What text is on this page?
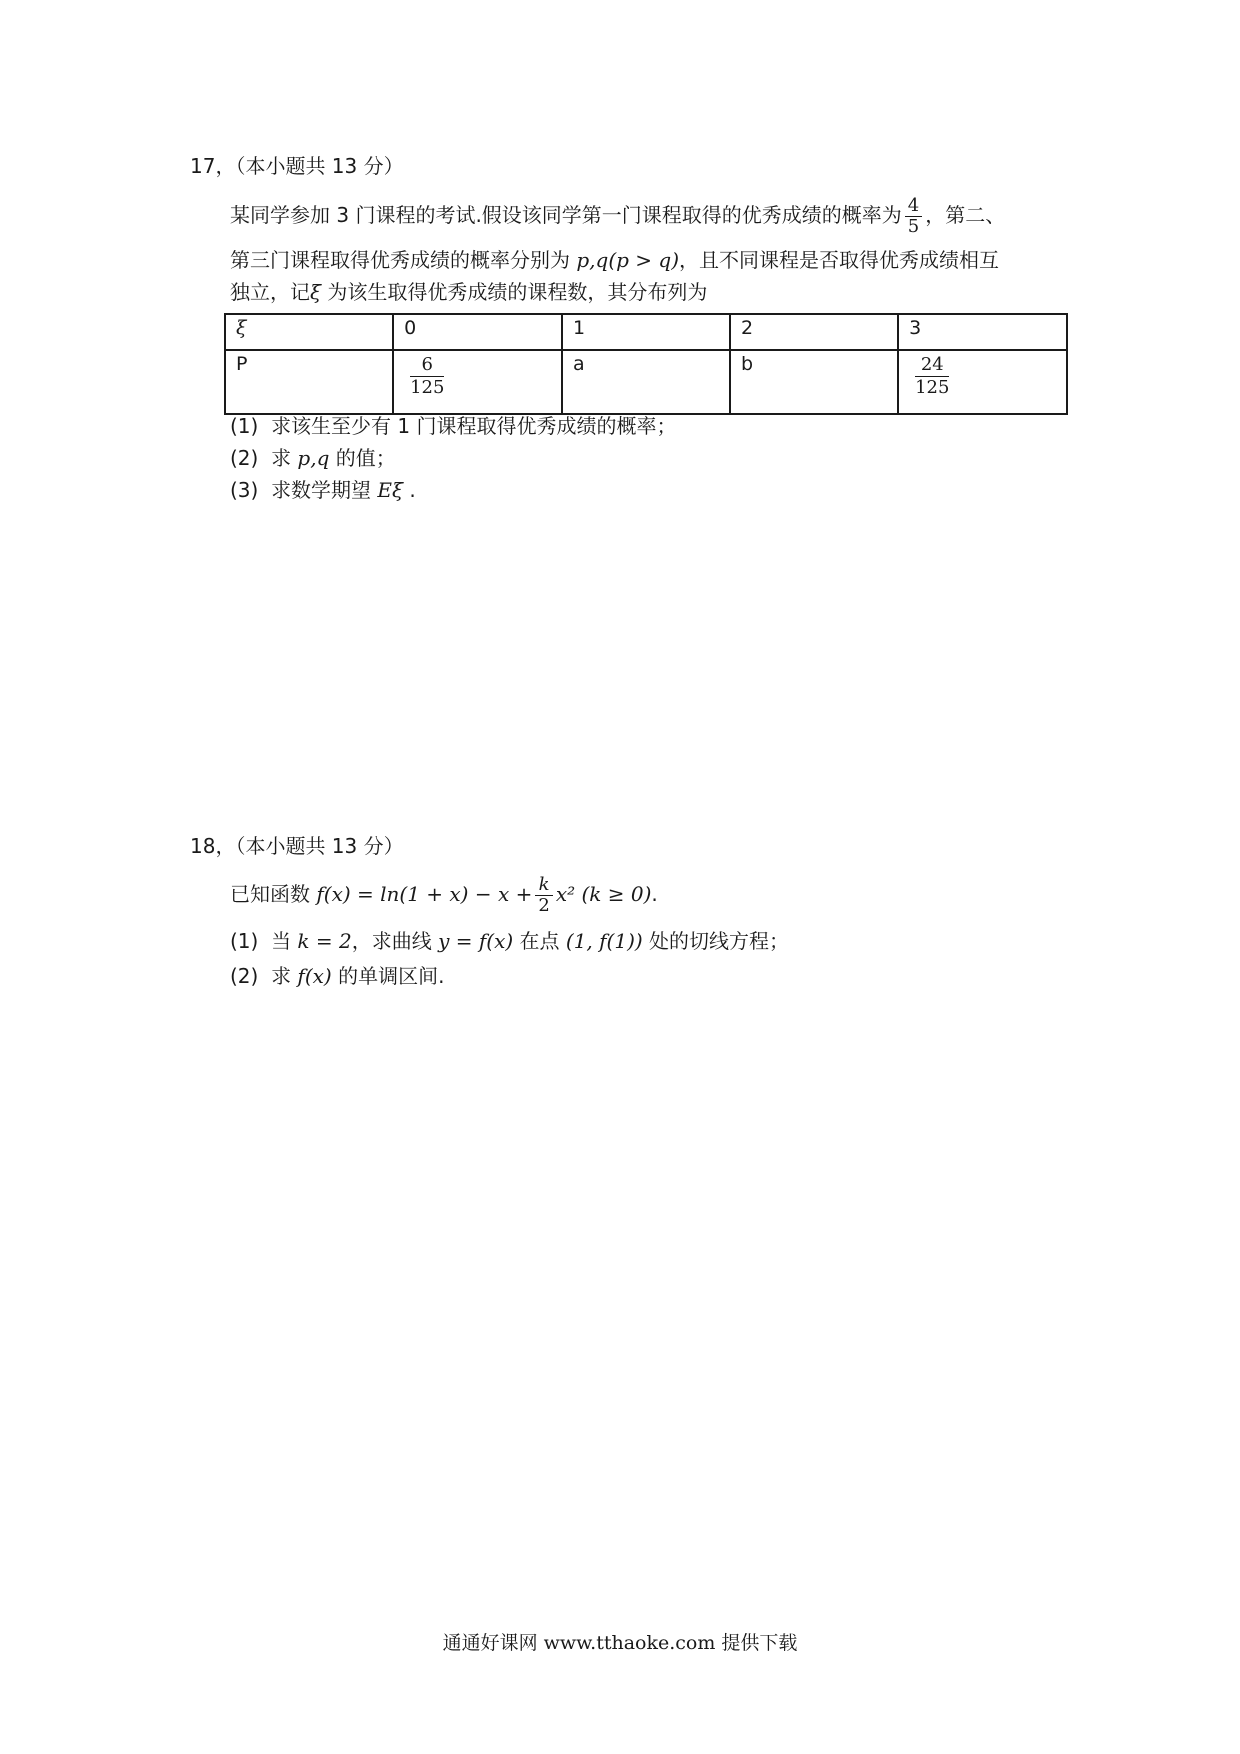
17，（本小题共 13 分）
某同学参加 3 门课程的考试.假设该同学第一门课程取得的优秀成绩的概率为 $\frac{4}{5}$ ，第二、
第三门课程取得优秀成绩的概率分别为 p,q(p > q)，且不同课程是否取得优秀成绩相互
独立，记ξ 为该生取得优秀成绩的课程数，其分布列为
ξ	0	1	2	3
P	$\frac{6}{125}$	a	b	$\frac{24}{125}$
(1) 求该生至少有 1 门课程取得优秀成绩的概率；
(2) 求 p,q 的值；
(3) 求数学期望 Eξ .
18，（本小题共 13 分）
已知函数 $f(x) = \ln(1 + x) - x + \frac{k}{2} x^2$ (k ≥ 0).
(1) 当 k = 2，求曲线 y = f(x) 在点 (1, f(1)) 处的切线方程；
(2) 求 f(x) 的单调区间.
通通好课网 www.tthaoke.com 提供下载
